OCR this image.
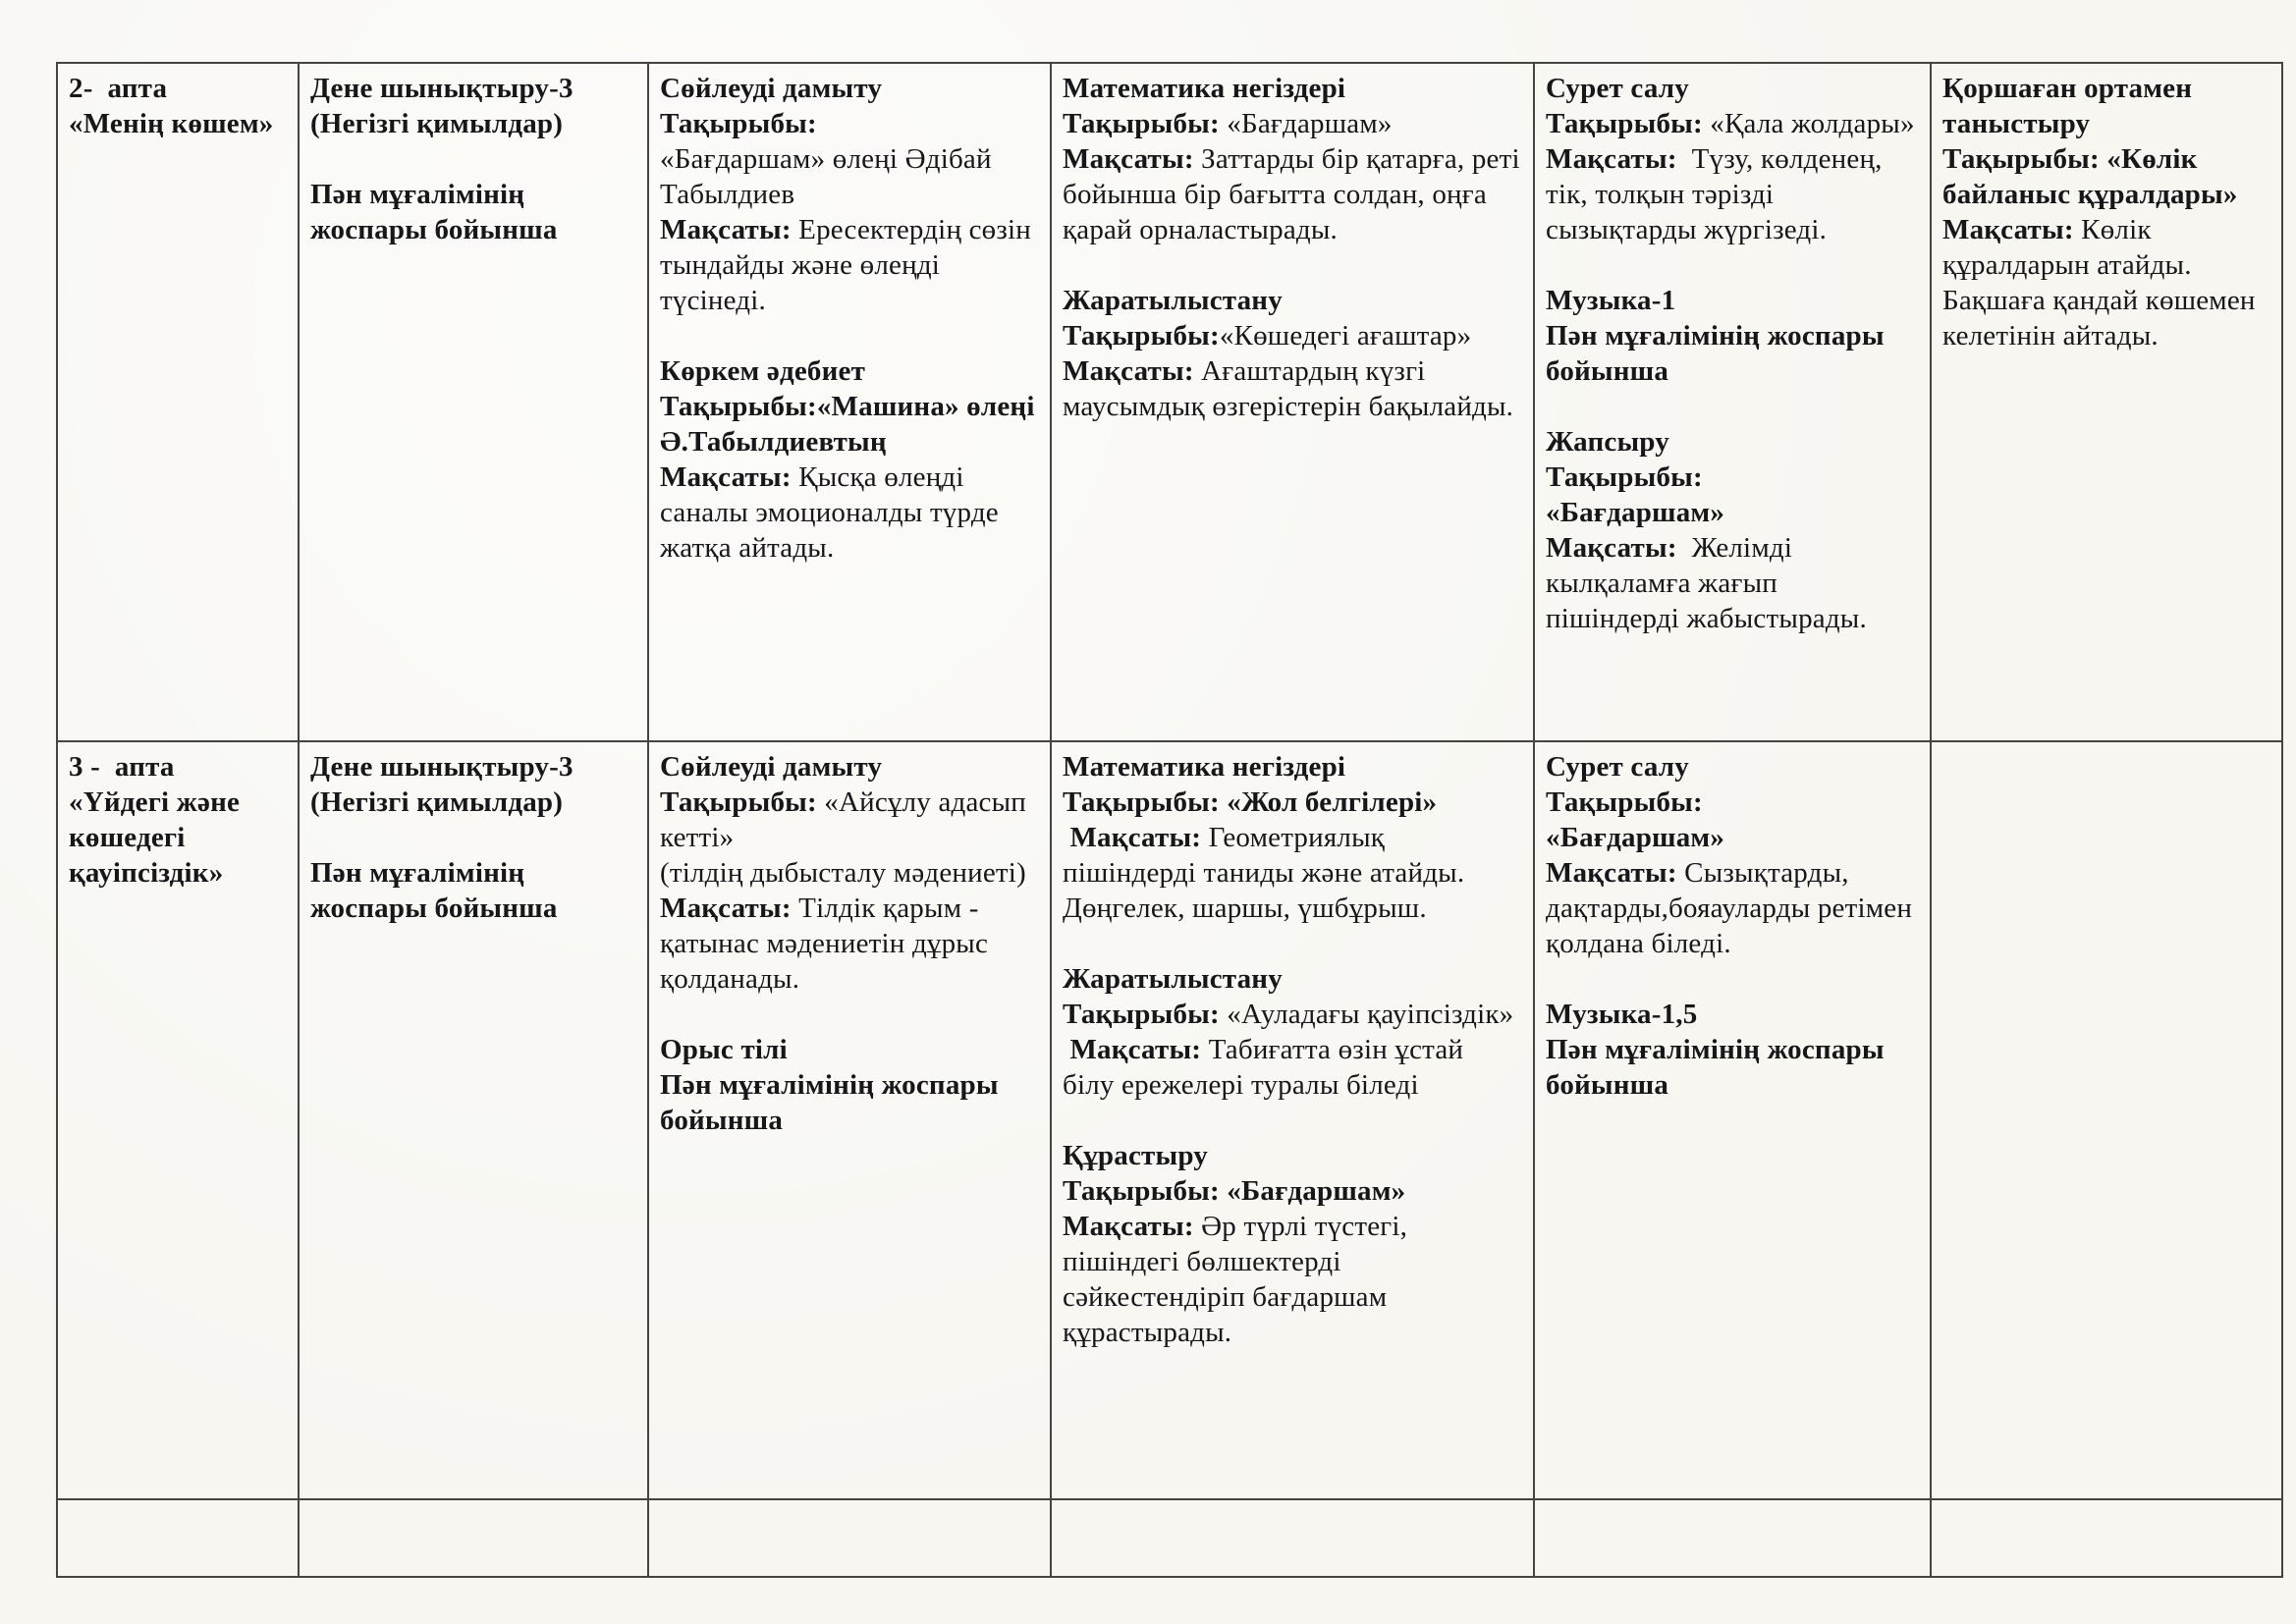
2-  апта
«Менің көшем»
Дене шынықтыру-3 (Негізгі қимылдар)
Пән мұғалімінің жоспары бойынша
Сөйлеуді дамыту
Тақырыбы:
«Бағдаршам» өлеңі Әдібай Табылдиев
Мақсаты: Ересектердің сөзін тындайды және өлеңді түсінеді.
Көркем әдебиет
Тақырыбы:«Машина» өлеңі Ә.Табылдиевтың
Мақсаты: Қысқа өлеңді саналы эмоционалды түрде жатқа айтады.
Математика негіздері
Тақырыбы: «Бағдаршам»
Мақсаты: Заттарды бір қатарға, реті бойынша бір бағытта солдан, оңға қарай орналастырады.
Жаратылыстану
Тақырыбы:«Көшедегі ағаштар»
Мақсаты: Ағаштардың күзгі маусымдық өзгерістерін бақылайды.
Сурет салу
Тақырыбы: «Қала жолдары»
Мақсаты:  Түзу, көлденең, тік, толқын тәрізді сызықтарды жүргізеді.
Музыка-1
Пән мұғалімінің жоспары бойынша
Жапсыру
Тақырыбы:
«Бағдаршам»
Мақсаты:  Желімді кылқаламға жағып пішіндерді жабыстырады.
Қоршаған ортамен таныстыру
Тақырыбы: «Көлік байланыс құралдары»
Мақсаты: Көлік құралдарын атайды. Бақшаға қандай көшемен келетінін айтады.
3 -  апта
«Үйдегі және көшедегі қауіпсіздік»
Дене шынықтыру-3 (Негізгі қимылдар)
Пән мұғалімінің жоспары бойынша
Сөйлеуді дамыту
Тақырыбы: «Айсұлу адасып кетті»
(тілдің дыбысталу мәдениеті)
Мақсаты: Тілдік қарым - қатынас мәдениетін дұрыс қолданады.
Орыс тілі
Пән мұғалімінің жоспары бойынша
Математика негіздері
Тақырыбы: «Жол белгілері»
Мақсаты: Геометриялық пішіндерді таниды және атайды. Дөңгелек, шаршы, үшбұрыш.
Жаратылыстану
Тақырыбы: «Ауладағы қауіпсіздік»
Мақсаты: Табиғатта өзін ұстай білу ережелері туралы біледі
Құрастыру
Тақырыбы: «Бағдаршам»
Мақсаты: Әр түрлі түстегі, пішіндегі бөлшектерді сәйкестендіріп бағдаршам құрастырады.
Сурет салу
Тақырыбы:
«Бағдаршам»
Мақсаты: Сызықтарды, дақтарды,бояауларды ретімен қолдана біледі.
Музыка-1,5
Пән мұғалімінің жоспары бойынша
